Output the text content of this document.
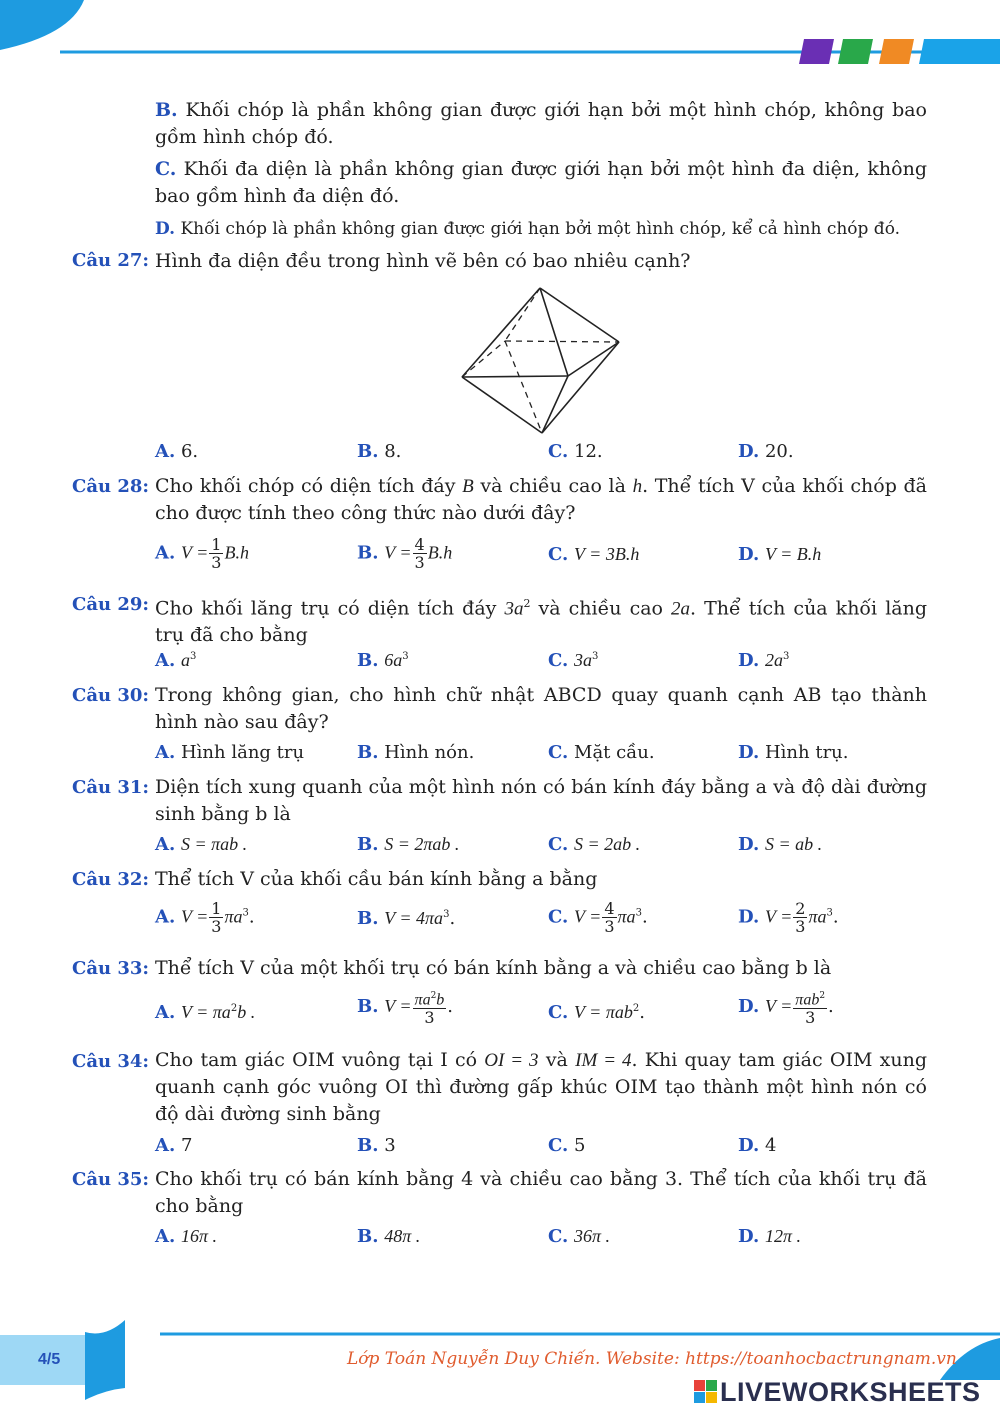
B. Khối chóp là phần không gian được giới hạn bởi một hình chóp, không bao gồm hình chóp đó.
C. Khối đa diện là phần không gian được giới hạn bởi một hình đa diện, không bao gồm hình đa diện đó.
D. Khối chóp là phần không gian được giới hạn bởi một hình chóp, kể cả hình chóp đó.
Câu 27: Hình đa diện đều trong hình vẽ bên có bao nhiêu cạnh?
A. 6.	B. 8.	C. 12.	D. 20.
Câu 28: Cho khối chóp có diện tích đáy B và chiều cao là h. Thể tích V của khối chóp đã cho được tính theo công thức nào dưới đây?
A. $V = \frac{1}{3} B.h$	B. $V = \frac{4}{3} B.h$	C. V = 3B.h	D. V = B.h
Câu 29: Cho khối lăng trụ có diện tích đáy $3a^2$ và chiều cao 2a. Thể tích của khối lăng trụ đã cho bằng
A. $a^3$	B. $6a^3$	C. $3a^3$	D. $2a^3$
Câu 30: Trong không gian, cho hình chữ nhật ABCD quay quanh cạnh AB tạo thành hình nào sau đây?
A. Hình lăng trụ	B. Hình nón.	C. Mặt cầu.	D. Hình trụ.
Câu 31: Diện tích xung quanh của một hình nón có bán kính đáy bằng a và độ dài đường sinh bằng b là
A. S = πab .	B. S = 2πab .	C. S = 2ab .	D. S = ab .
Câu 32: Thể tích V của khối cầu bán kính bằng a bằng
A. $V = \frac{1}{3} \pi a^3$.	B. $V = 4\pi a^3$.	C. $V = \frac{4}{3} \pi a^3$.	D. $V = \frac{2}{3} \pi a^3$.
Câu 33: Thể tích V của một khối trụ có bán kính bằng a và chiều cao bằng b là
A. $V = \pi a^2b$ .	B. $V = \frac{\pi a^2b}{3}$ .	C. V = πab$^2$.	D. $V = \frac{\pi ab^2}{3}$ .
Câu 34: Cho tam giác OIM vuông tại I có OI = 3 và IM = 4. Khi quay tam giác OIM xung quanh cạnh góc vuông OI thì đường gấp khúc OIM tạo thành một hình nón có độ dài đường sinh bằng
A. 7	B. 3	C. 5	D. 4
Câu 35: Cho khối trụ có bán kính bằng 4 và chiều cao bằng 3. Thể tích của khối trụ đã cho bằng
A. 16π .	B. 48π .	C. 36π .	D. 12π .
4/5	Lớp Toán Nguyễn Duy Chiến. Website: https://toanhocbactrungnam.vn
LIVEWORKSHEETS
